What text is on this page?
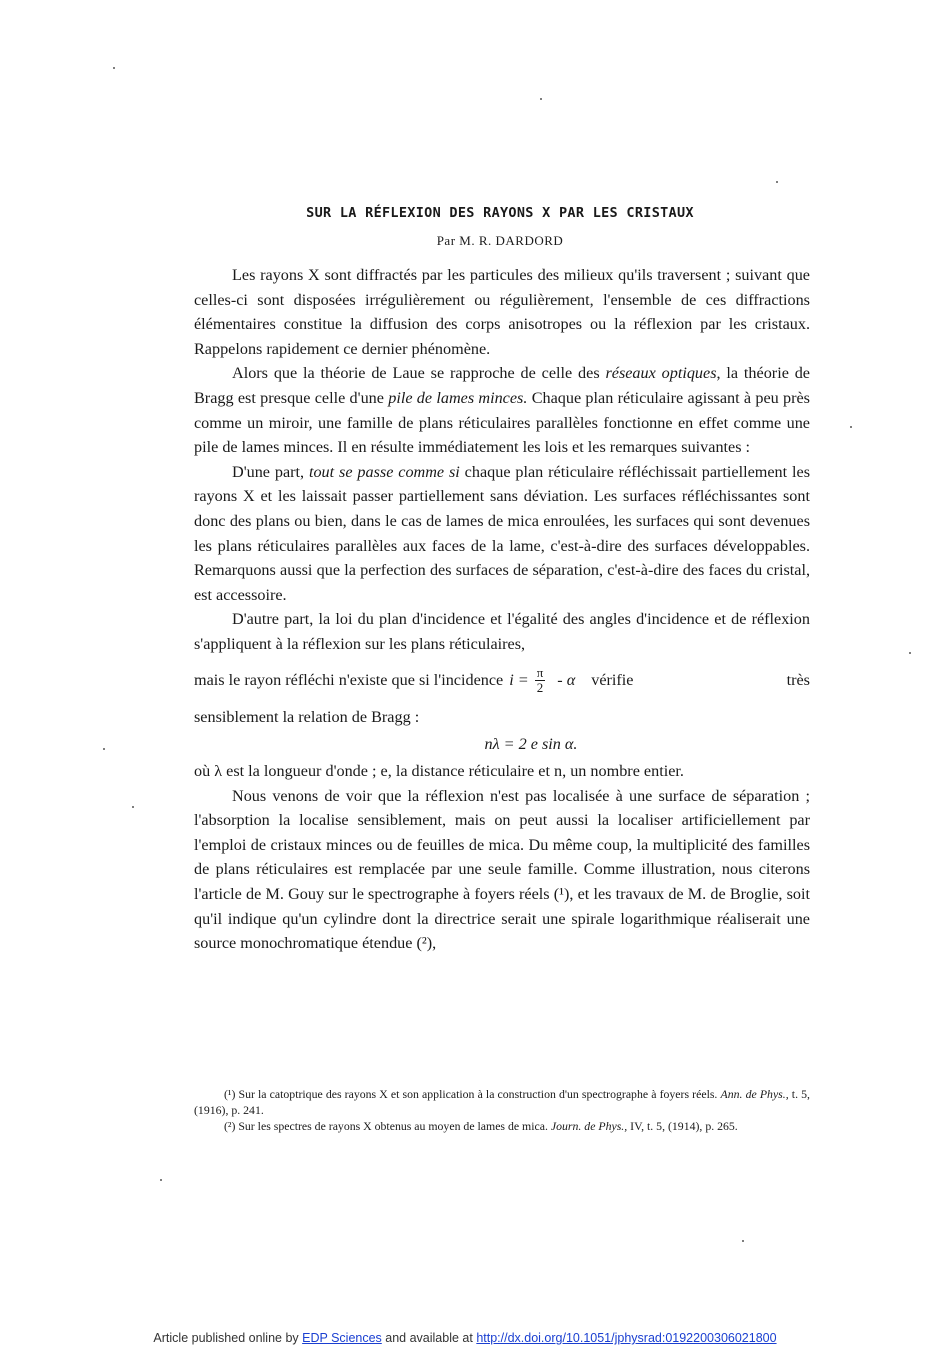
SUR LA RÉFLEXION DES RAYONS X PAR LES CRISTAUX
Par M. R. DARDORD

Les rayons X sont diffractés par les particules des milieux qu'ils traversent ; suivant que celles-ci sont disposées irrégulièrement ou régulièrement, l'ensemble de ces diffractions élémentaires constitue la diffusion des corps anisotropes ou la réflexion par les cristaux. Rappelons rapidement ce dernier phénomène.

Alors que la théorie de Laue se rapproche de celle des réseaux optiques, la théorie de Bragg est presque celle d'une pile de lames minces. Chaque plan réticulaire agissant à peu près comme un miroir, une famille de plans réticulaires parallèles fonctionne en effet comme une pile de lames minces. Il en résulte immédiatement les lois et les remarques suivantes :

D'une part, tout se passe comme si chaque plan réticulaire réfléchissait partiellement les rayons X et les laissait passer partiellement sans déviation. Les surfaces réfléchissantes sont donc des plans ou bien, dans le cas de lames de mica enroulées, les surfaces qui sont devenues les plans réticulaires parallèles aux faces de la lame, c'est-à-dire des surfaces développables. Remarquons aussi que la perfection des surfaces de séparation, c'est-à-dire des faces du cristal, est accessoire.

D'autre part, la loi du plan d'incidence et l'égalité des angles d'incidence et de réflexion s'appliquent à la réflexion sur les plans réticulaires,

mais le rayon réfléchi n'existe que si l'incidence $i = \frac{\pi}{2} - \alpha$ vérifie très

sensiblement la relation de Bragg :

nλ = 2 e sin α.

où λ est la longueur d'onde ; e, la distance réticulaire et n, un nombre entier.

Nous venons de voir que la réflexion n'est pas localisée à une surface de séparation ; l'absorption la localise sensiblement, mais on peut aussi la localiser artificiellement par l'emploi de cristaux minces ou de feuilles de mica. Du même coup, la multiplicité des familles de plans réticulaires est remplacée par une seule famille. Comme illustration, nous citerons l'article de M. Gouy sur le spectrographe à foyers réels (¹), et les travaux de M. de Broglie, soit qu'il indique qu'un cylindre dont la directrice serait une spirale logarithmique réaliserait une source monochromatique étendue (²),

(¹) Sur la catoptrique des rayons X et son application à la construction d'un spectrographe à foyers réels. Ann. de Phys., t. 5, (1916), p. 241.

(²) Sur les spectres de rayons X obtenus au moyen de lames de mica. Journ. de Phys., IV, t. 5, (1914), p. 265.

Article published online by EDP Sciences and available at http://dx.doi.org/10.1051/jphysrad:0192200306021800
